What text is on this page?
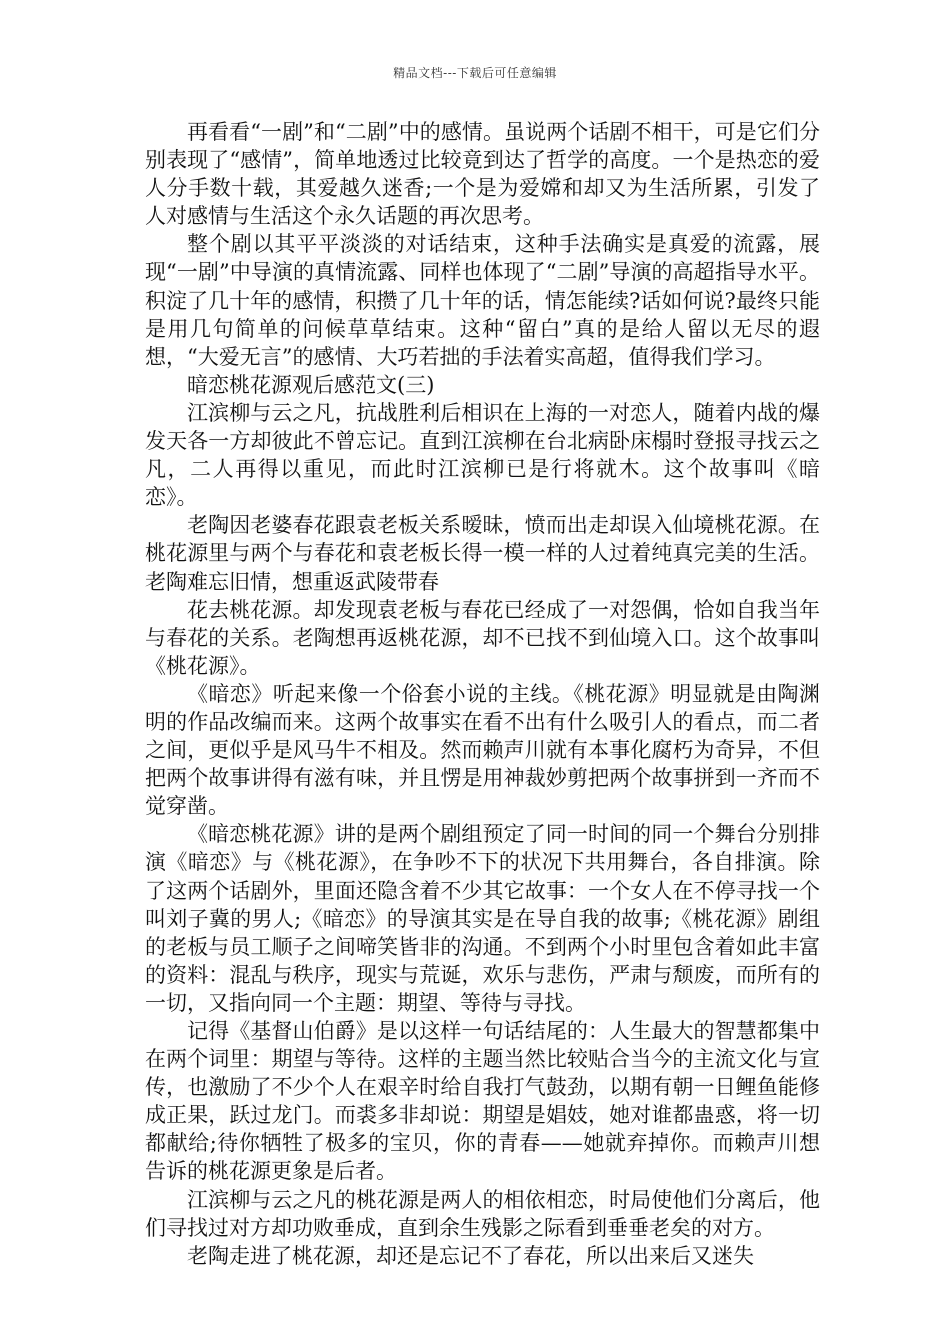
精品文档---下载后可任意编辑

再看看“一剧”和“二剧”中的感情。虽说两个话剧不相干，可是它们分别表现了“感情”，简单地透过比较竟到达了哲学的高度。一个是热恋的爱人分手数十载，其爱越久迷香;一个是为爱嫦和却又为生活所累，引发了人对感情与生活这个永久话题的再次思考。

整个剧以其平平淡淡的对话结束，这种手法确实是真爱的流露，展现“一剧”中导演的真情流露、同样也体现了“二剧”导演的高超指导水平。积淀了几十年的感情，积攒了几十年的话，情怎能续?话如何说?最终只能是用几句简单的问候草草结束。这种“留白”真的是给人留以无尽的遐想，“大爱无言”的感情、大巧若拙的手法着实高超，值得我们学习。

暗恋桃花源观后感范文(三)

江滨柳与云之凡，抗战胜利后相识在上海的一对恋人，随着内战的爆发天各一方却彼此不曾忘记。直到江滨柳在台北病卧床榻时登报寻找云之凡，二人再得以重见，而此时江滨柳已是行将就木。这个故事叫《暗恋》。

老陶因老婆春花跟袁老板关系暧昧，愤而出走却误入仙境桃花源。在桃花源里与两个与春花和袁老板长得一模一样的人过着纯真完美的生活。老陶难忘旧情，想重返武陵带春

花去桃花源。却发现袁老板与春花已经成了一对怨偶，恰如自我当年与春花的关系。老陶想再返桃花源，却不已找不到仙境入口。这个故事叫《桃花源》。

《暗恋》听起来像一个俗套小说的主线。《桃花源》明显就是由陶渊明的作品改编而来。这两个故事实在看不出有什么吸引人的看点，而二者之间，更似乎是风马牛不相及。然而赖声川就有本事化腐朽为奇异，不但把两个故事讲得有滋有味，并且愣是用神裁妙剪把两个故事拼到一齐而不觉穿凿。

《暗恋桃花源》讲的是两个剧组预定了同一时间的同一个舞台分别排演《暗恋》与《桃花源》，在争吵不下的状况下共用舞台，各自排演。除了这两个话剧外，里面还隐含着不少其它故事：一个女人在不停寻找一个叫刘子冀的男人;《暗恋》的导演其实是在导自我的故事;《桃花源》剧组的老板与员工顺子之间啼笑皆非的沟通。不到两个小时里包含着如此丰富的资料：混乱与秩序，现实与荒诞，欢乐与悲伤，严肃与颓废，而所有的一切，又指向同一个主题：期望、等待与寻找。

记得《基督山伯爵》是以这样一句话结尾的：人生最大的智慧都集中在两个词里：期望与等待。这样的主题当然比较贴合当今的主流文化与宣传，也激励了不少个人在艰辛时给自我打气鼓劲，以期有朝一日鲤鱼能修成正果，跃过龙门。而裘多非却说：期望是娼妓，她对谁都蛊惑，将一切都献给;待你牺牲了极多的宝贝，你的青春——她就弃掉你。而赖声川想告诉的桃花源更象是后者。

江滨柳与云之凡的桃花源是两人的相依相恋，时局使他们分离后，他们寻找过对方却功败垂成，直到余生残影之际看到垂垂老矣的对方。

老陶走进了桃花源，却还是忘记不了春花，所以出来后又迷失
